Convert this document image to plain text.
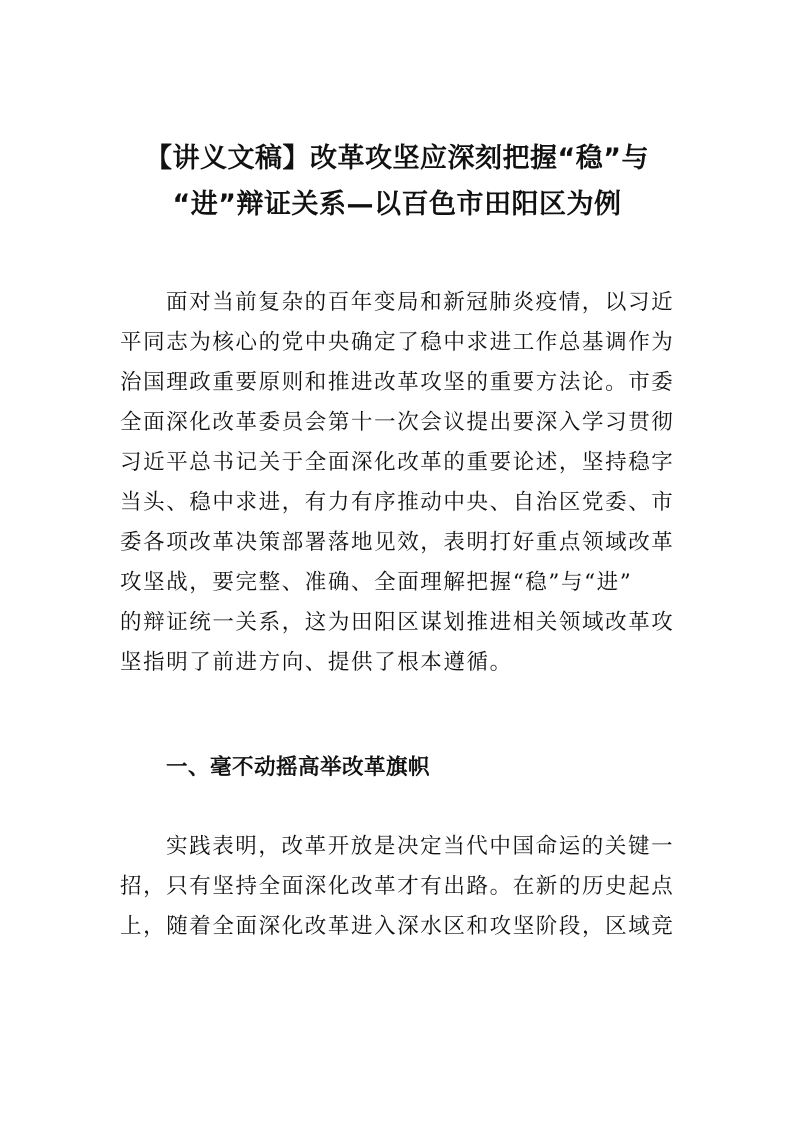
【讲义文稿】改革攻坚应深刻把握“稳”与
“进”辩证关系—以百色市田阳区为例
面对当前复杂的百年变局和新冠肺炎疫情，以习近
平同志为核心的党中央确定了稳中求进工作总基调作为
治国理政重要原则和推进改革攻坚的重要方法论。市委
全面深化改革委员会第十一次会议提出要深入学习贯彻
习近平总书记关于全面深化改革的重要论述，坚持稳字
当头、稳中求进，有力有序推动中央、自治区党委、市
委各项改革决策部署落地见效，表明打好重点领域改革
攻坚战，要完整、准确、全面理解把握“稳”与“进”
的辩证统一关系，这为田阳区谋划推进相关领域改革攻
坚指明了前进方向、提供了根本遵循。
一、毫不动摇高举改革旗帜
实践表明，改革开放是决定当代中国命运的关键一
招，只有坚持全面深化改革才有出路。在新的历史起点
上，随着全面深化改革进入深水区和攻坚阶段，区域竞
